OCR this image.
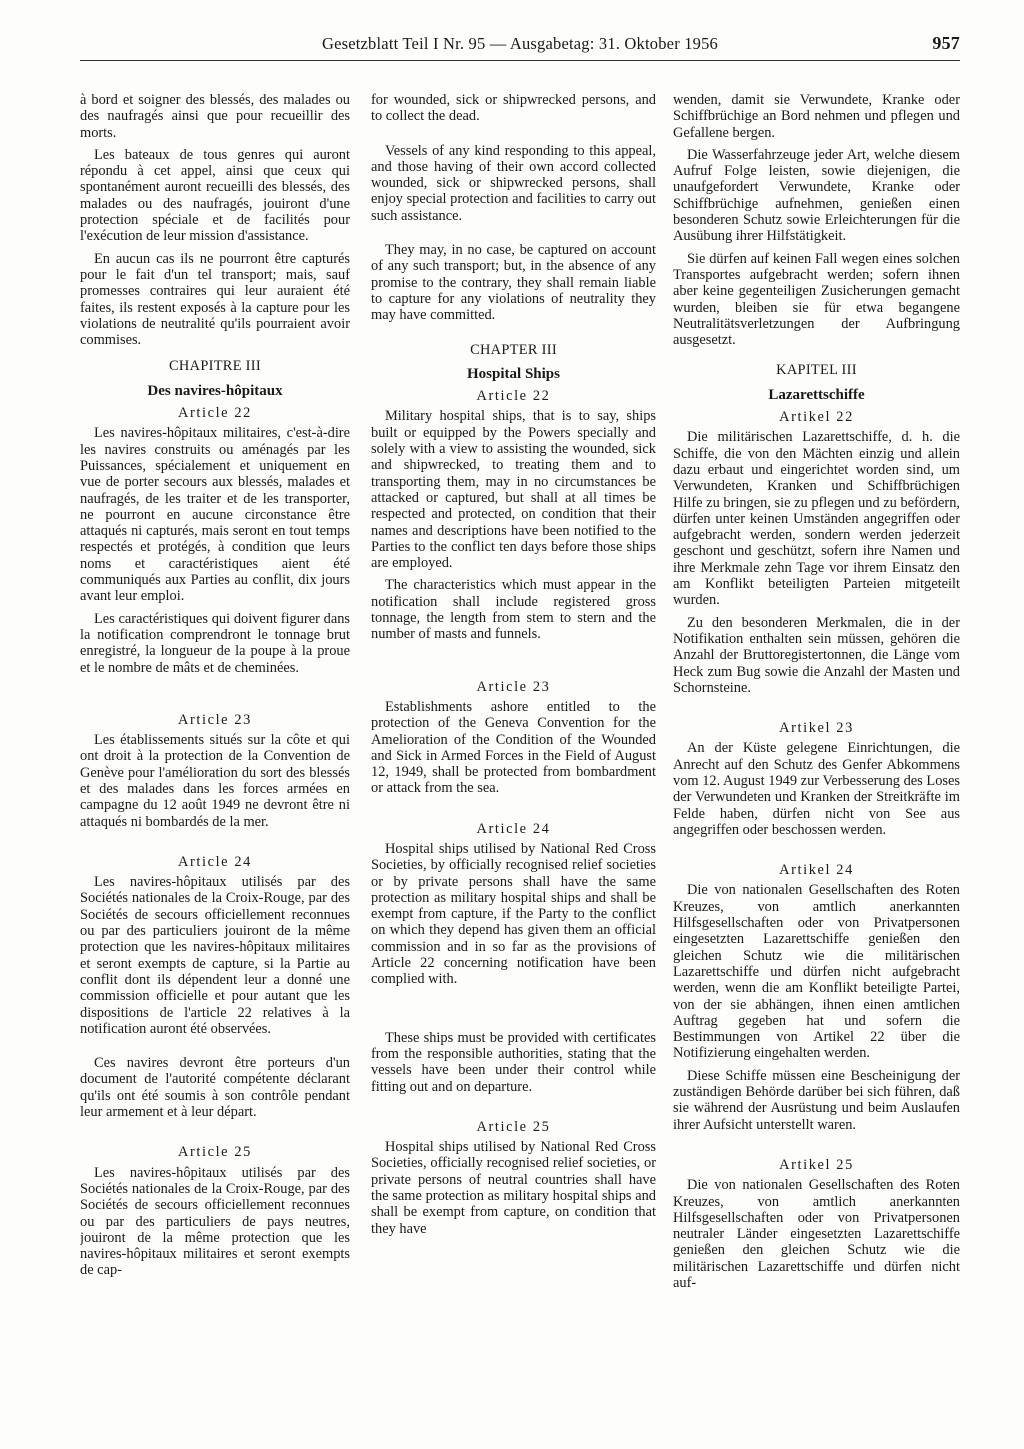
Gesetzblatt Teil I Nr. 95 — Ausgabetag: 31. Oktober 1956	957

à bord et soigner des blessés, des malades ou des naufragés ainsi que pour recueillir des morts.

Les bateaux de tous genres qui auront répondu à cet appel, ainsi que ceux qui spontanément auront recueilli des blessés, des malades ou des naufragés, jouiront d'une protection spéciale et de facilités pour l'exécution de leur mission d'assistance.

En aucun cas ils ne pourront être capturés pour le fait d'un tel transport; mais, sauf promesses contraires qui leur auraient été faites, ils restent exposés à la capture pour les violations de neutralité qu'ils pourraient avoir commises.

CHAPITRE III
Des navires-hôpitaux
Article 22

Les navires-hôpitaux militaires, c'est-à-dire les navires construits ou aménagés par les Puissances, spécialement et uniquement en vue de porter secours aux blessés, malades et naufragés, de les traiter et de les transporter, ne pourront en aucune circonstance être attaqués ni capturés, mais seront en tout temps respectés et protégés, à condition que leurs noms et caractéristiques aient été communiqués aux Parties au conflit, dix jours avant leur emploi.

Les caractéristiques qui doivent figurer dans la notification comprendront le tonnage brut enregistré, la longueur de la poupe à la proue et le nombre de mâts et de cheminées.

Article 23

Les établissements situés sur la côte et qui ont droit à la protection de la Convention de Genève pour l'amélioration du sort des blessés et des malades dans les forces armées en campagne du 12 août 1949 ne devront être ni attaqués ni bombardés de la mer.

Article 24

Les navires-hôpitaux utilisés par des Sociétés nationales de la Croix-Rouge, par des Sociétés de secours officiellement reconnues ou par des particuliers jouiront de la même protection que les navires-hôpitaux militaires et seront exempts de capture, si la Partie au conflit dont ils dépendent leur a donné une commission officielle et pour autant que les dispositions de l'article 22 relatives à la notification auront été observées.

Ces navires devront être porteurs d'un document de l'autorité compétente déclarant qu'ils ont été soumis à son contrôle pendant leur armement et à leur départ.

Article 25

Les navires-hôpitaux utilisés par des Sociétés nationales de la Croix-Rouge, par des Sociétés de secours officiellement reconnues ou par des particuliers de pays neutres, jouiront de la même protection que les navires-hôpitaux militaires et seront exempts de cap-

for wounded, sick or shipwrecked persons, and to collect the dead.

Vessels of any kind responding to this appeal, and those having of their own accord collected wounded, sick or shipwrecked persons, shall enjoy special protection and facilities to carry out such assistance.

They may, in no case, be captured on account of any such transport; but, in the absence of any promise to the contrary, they shall remain liable to capture for any violations of neutrality they may have committed.

CHAPTER III
Hospital Ships
Article 22

Military hospital ships, that is to say, ships built or equipped by the Powers specially and solely with a view to assisting the wounded, sick and shipwrecked, to treating them and to transporting them, may in no circumstances be attacked or captured, but shall at all times be respected and protected, on condition that their names and descriptions have been notified to the Parties to the conflict ten days before those ships are employed.

The characteristics which must appear in the notification shall include registered gross tonnage, the length from stem to stern and the number of masts and funnels.

Article 23

Establishments ashore entitled to the protection of the Geneva Convention for the Amelioration of the Condition of the Wounded and Sick in Armed Forces in the Field of August 12, 1949, shall be protected from bombardment or attack from the sea.

Article 24

Hospital ships utilised by National Red Cross Societies, by officially recognised relief societies or by private persons shall have the same protection as military hospital ships and shall be exempt from capture, if the Party to the conflict on which they depend has given them an official commission and in so far as the provisions of Article 22 concerning notification have been complied with.

These ships must be provided with certificates from the responsible authorities, stating that the vessels have been under their control while fitting out and on departure.

Article 25

Hospital ships utilised by National Red Cross Societies, officially recognised relief societies, or private persons of neutral countries shall have the same protection as military hospital ships and shall be exempt from capture, on condition that they have

wenden, damit sie Verwundete, Kranke oder Schiffbrüchige an Bord nehmen und pflegen und Gefallene bergen.

Die Wasserfahrzeuge jeder Art, welche diesem Aufruf Folge leisten, sowie diejenigen, die unaufgefordert Verwundete, Kranke oder Schiffbrüchige aufnehmen, genießen einen besonderen Schutz sowie Erleichterungen für die Ausübung ihrer Hilfstätigkeit.

Sie dürfen auf keinen Fall wegen eines solchen Transportes aufgebracht werden; sofern ihnen aber keine gegenteiligen Zusicherungen gemacht wurden, bleiben sie für etwa begangene Neutralitätsverletzungen der Aufbringung ausgesetzt.

KAPITEL III
Lazarettschiffe
Artikel 22

Die militärischen Lazarettschiffe, d. h. die Schiffe, die von den Mächten einzig und allein dazu erbaut und eingerichtet worden sind, um Verwundeten, Kranken und Schiffbrüchigen Hilfe zu bringen, sie zu pflegen und zu befördern, dürfen unter keinen Umständen angegriffen oder aufgebracht werden, sondern werden jederzeit geschont und geschützt, sofern ihre Namen und ihre Merkmale zehn Tage vor ihrem Einsatz den am Konflikt beteiligten Parteien mitgeteilt wurden.

Zu den besonderen Merkmalen, die in der Notifikation enthalten sein müssen, gehören die Anzahl der Bruttoregistertonnen, die Länge vom Heck zum Bug sowie die Anzahl der Masten und Schornsteine.

Artikel 23

An der Küste gelegene Einrichtungen, die Anrecht auf den Schutz des Genfer Abkommens vom 12. August 1949 zur Verbesserung des Loses der Verwundeten und Kranken der Streitkräfte im Felde haben, dürfen nicht von See aus angegriffen oder beschossen werden.

Artikel 24

Die von nationalen Gesellschaften des Roten Kreuzes, von amtlich anerkannten Hilfsgesellschaften oder von Privatpersonen eingesetzten Lazarettschiffe genießen den gleichen Schutz wie die militärischen Lazarettschiffe und dürfen nicht aufgebracht werden, wenn die am Konflikt beteiligte Partei, von der sie abhängen, ihnen einen amtlichen Auftrag gegeben hat und sofern die Bestimmungen von Artikel 22 über die Notifizierung eingehalten werden.

Diese Schiffe müssen eine Bescheinigung der zuständigen Behörde darüber bei sich führen, daß sie während der Ausrüstung und beim Auslaufen ihrer Aufsicht unterstellt waren.

Artikel 25

Die von nationalen Gesellschaften des Roten Kreuzes, von amtlich anerkannten Hilfsgesellschaften oder von Privatpersonen neutraler Länder eingesetzten Lazarettschiffe genießen den gleichen Schutz wie die militärischen Lazarettschiffe und dürfen nicht auf-
